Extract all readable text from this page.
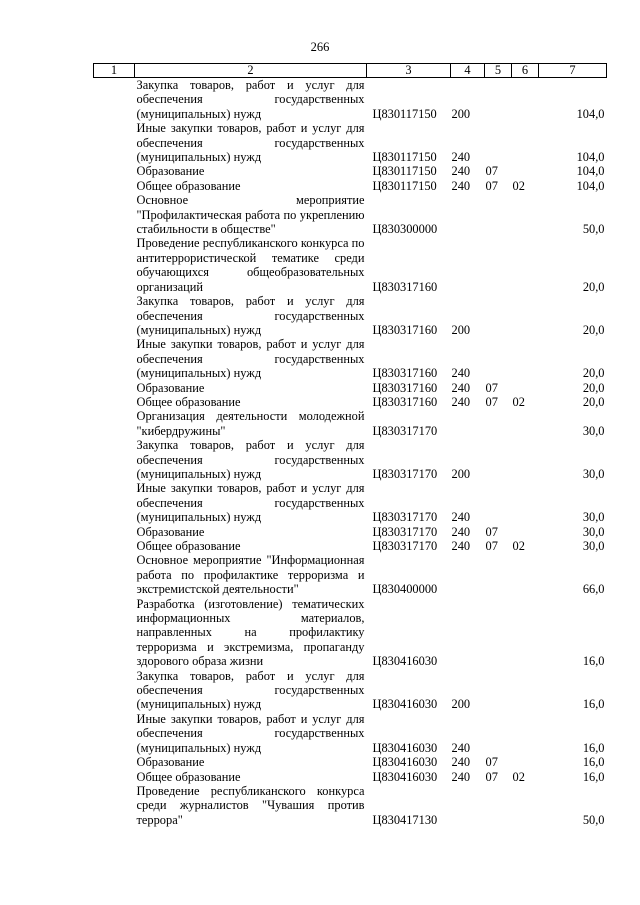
266
1	2	3	4	5	6	7
	Закупка товаров, работ и услуг для обеспечения государственных (муниципальных) нужд	Ц830117150	200			104,0
	Иные закупки товаров, работ и услуг для обеспечения государственных (муниципальных) нужд	Ц830117150	240			104,0
	Образование	Ц830117150	240	07		104,0
	Общее образование	Ц830117150	240	07	02	104,0
	Основное мероприятие "Профилактическая работа по укреплению стабильности в обществе"	Ц830300000				50,0
	Проведение республиканского конкурса по антитеррористической тематике среди обучающихся общеобразовательных организаций	Ц830317160				20,0
	Закупка товаров, работ и услуг для обеспечения государственных (муниципальных) нужд	Ц830317160	200			20,0
	Иные закупки товаров, работ и услуг для обеспечения государственных (муниципальных) нужд	Ц830317160	240			20,0
	Образование	Ц830317160	240	07		20,0
	Общее образование	Ц830317160	240	07	02	20,0
	Организация деятельности молодежной "кибердружины"	Ц830317170				30,0
	Закупка товаров, работ и услуг для обеспечения государственных (муниципальных) нужд	Ц830317170	200			30,0
	Иные закупки товаров, работ и услуг для обеспечения государственных (муниципальных) нужд	Ц830317170	240			30,0
	Образование	Ц830317170	240	07		30,0
	Общее образование	Ц830317170	240	07	02	30,0
	Основное мероприятие "Информационная работа по профилактике терроризма и экстремистской деятельности"	Ц830400000				66,0
	Разработка (изготовление) тематических информационных материалов, направленных на профилактику терроризма и экстремизма, пропаганду здорового образа жизни	Ц830416030				16,0
	Закупка товаров, работ и услуг для обеспечения государственных (муниципальных) нужд	Ц830416030	200			16,0
	Иные закупки товаров, работ и услуг для обеспечения государственных (муниципальных) нужд	Ц830416030	240			16,0
	Образование	Ц830416030	240	07		16,0
	Общее образование	Ц830416030	240	07	02	16,0
	Проведение республиканского конкурса среди журналистов "Чувашия против террора"	Ц830417130				50,0
